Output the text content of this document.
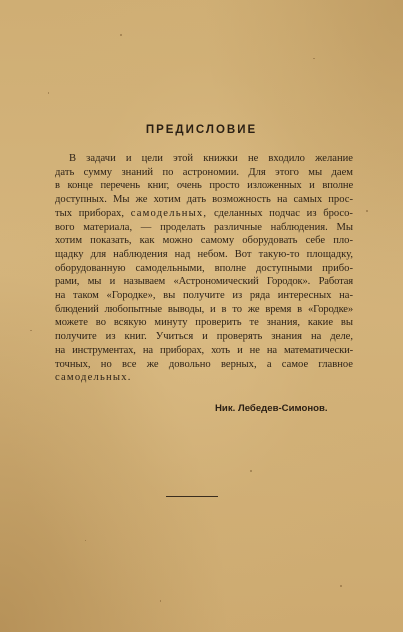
ПРЕДИСЛОВИЕ
В задачи и цели этой книжки не входило желание
дать сумму знаний по астрономии. Для этого мы даем
в конце перечень книг, очень просто изложенных и вполне
доступных. Мы же хотим дать возможность на самых прос-
тых приборах, самодельных, сделанных подчас из бросо-
вого материала, — проделать различные наблюдения. Мы
хотим показать, как можно самому оборудовать себе пло-
щадку для наблюдения над небом. Вот такую-то площадку,
оборудованную самодельными, вполне доступными прибо-
рами, мы и называем «Астрономический Городок». Работая
на таком «Городке», вы получите из ряда интересных на-
блюдений любопытные выводы, и в то же время в «Городке»
можете во всякую минуту проверить те знания, какие вы
получите из книг. Учиться и проверять знания на деле,
на инструментах, на приборах, хоть и не на математически-
точных, но все же довольно верных, а самое главное
самодельных.
Ник. Лебедев-Симонов.
